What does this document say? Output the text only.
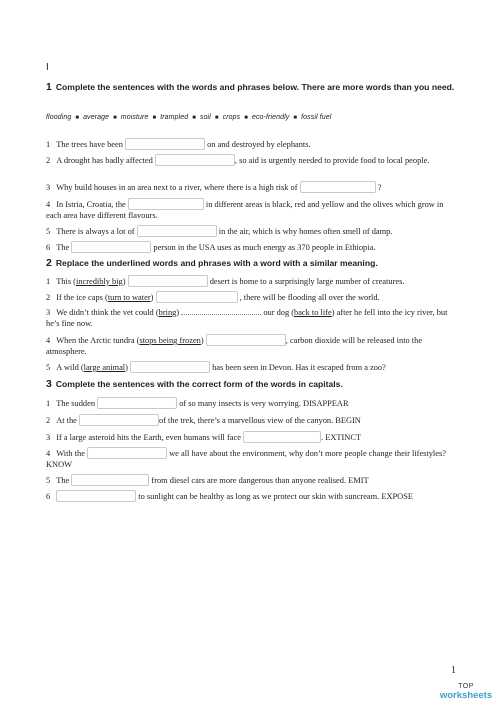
I
1 Complete the sentences with the words and phrases below. There are more words than you need.
flooding ■ average ■ moisture ■ trampled ■ soil ■ crops ■ eco-friendly ■ fossil fuel
1 The trees have been	on and destroyed by elephants.
2 A drought has badly affected	, so aid is urgently needed to provide food to local people.
3 Why build houses in an area next to a river, where there is a high risk of	?
4 In Istria, Croatia, the	in different areas is black, red and yellow and the olives which grow in each area have different flavours.
5 There is always a lot of	in the air, which is why homes often smell of damp.
6 The	person in the USA uses as much energy as 370 people in Ethiopia.
2 Replace the underlined words and phrases with a word with a similar meaning.
1 This (incredibly big)	desert is home to a surprisingly large number of creatures.
2 If the ice caps (turn to water)	, there will be flooding all over the world.
3 We didn’t think the vet could (bring)	our dog (back to life) after he fell into the icy river, but he’s fine now.
4 When the Arctic tundra (stops being frozen)	, carbon dioxide will be released into the atmosphere.
5 A wild (large animal)	has been seen in Devon. Has it escaped from a zoo?
3 Complete the sentences with the correct form of the words in capitals.
1 The sudden	of so many insects is very worrying. DISAPPEAR
2 At the	of the trek, there’s a marvellous view of the canyon. BEGIN
3 If a large asteroid hits the Earth, even humans will face	. EXTINCT
4 With the	we all have about the environment, why don’t more people change their lifestyles? KNOW
5 The	from diesel cars are more dangerous than anyone realised. EMIT
6	to sunlight can be healthy as long as we protect our skin with suncream. EXPOSE
1
TOP
worksheets
